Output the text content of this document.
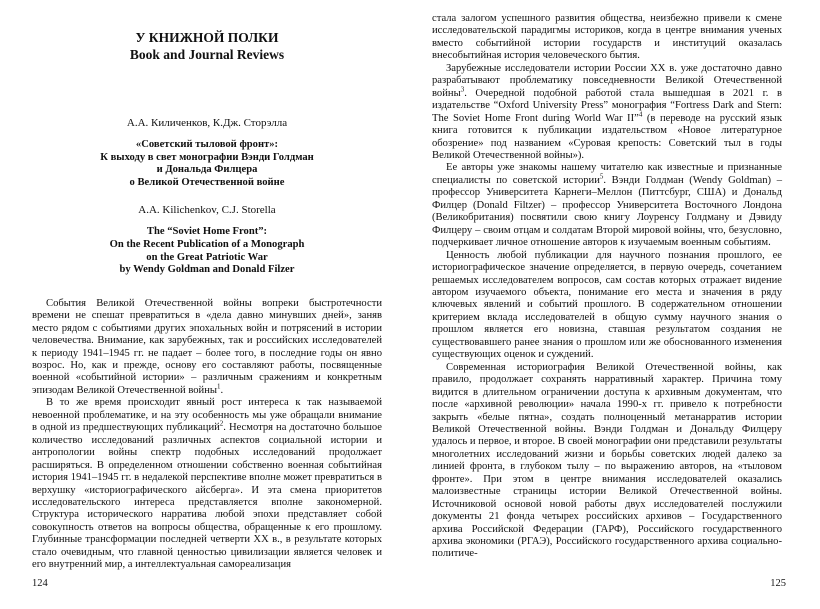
У КНИЖНОЙ ПОЛКИ
Book and Journal Reviews
А.А. Киличенков, К.Дж. Сторэлла
«Советский тыловой фронт»:
К выходу в свет монографии Вэнди Голдман
и Дональда Филцера
о Великой Отечественной войне
A.A. Kilichenkov, C.J. Storella
The “Soviet Home Front”:
On the Recent Publication of a Monograph
on the Great Patriotic War
by Wendy Goldman and Donald Filzer

События Великой Отечественной войны вопреки быстротечности времени не спешат превратиться в «дела давно минувших дней», заняв место рядом с событиями других эпохальных войн и потрясений в истории человечества. Внимание, как зарубежных, так и российских исследователей к периоду 1941–1945 гг. не падает – более того, в последние годы он явно возрос. Но, как и прежде, основу его составляют работы, посвященные военной «событийной истории» – различным сражениям и конкретным эпизодам Великой Отечественной войны$^1$.

В то же время происходит явный рост интереса к так называемой невоенной проблематике, и на эту особенность мы уже обращали внимание в одной из предшествующих публикаций$^2$. Несмотря на достаточно большое количество исследований различных аспектов социальной истории и антропологии войны спектр подобных исследований продолжает расширяться. В определенном отношении собственно военная событийная история 1941–1945 гг. в недалекой перспективе вполне может превратиться в верхушку «историографического айсберга». И эта смена приоритетов исследовательского интереса представляется вполне закономерной. Структура исторического нарратива любой эпохи представляет собой совокупность ответов на вопросы общества, обращенные к его прошлому. Глубинные трансформации последней четверти XX в., в результате которых стало очевидным, что главной ценностью цивилизации является человек и его внутренний мир, а интеллектуальная самореализация

124

стала залогом успешного развития общества, неизбежно привели к смене исследовательской парадигмы историков, когда в центре внимания ученых вместо событийной истории государств и институций оказалась внесобытийная история человеческого бытия.

Зарубежные исследователи истории России XX в. уже достаточно давно разрабатывают проблематику повседневности Великой Отечественной войны$^3$. Очередной подобной работой стала вышедшая в 2021 г. в издательстве “Oxford University Press” монография “Fortress Dark and Stern: The Soviet Home Front during World War II”$^4$ (в переводе на русский язык книга готовится к публикации издательством «Новое литературное обозрение» под названием «Суровая крепость: Советский тыл в годы Великой Отечественной войны»).

Ее авторы уже знакомы нашему читателю как известные и признанные специалисты по советской истории$^5$. Вэнди Голдман (Wendy Goldman) – профессор Университета Карнеги–Меллон (Питтсбург, США) и Дональд Филцер (Donald Filtzer) – профессор Университета Восточного Лондона (Великобритания) посвятили свою книгу Лоуренсу Голдману и Дэвиду Филцеру – своим отцам и солдатам Второй мировой войны, что, безусловно, подчеркивает личное отношение авторов к изучаемым военным событиям.

Ценность любой публикации для научного познания прошлого, ее историографическое значение определяется, в первую очередь, сочетанием решаемых исследователем вопросов, сам состав которых отражает видение автором изучаемого объекта, понимание его места и значения в ряду ключевых явлений и событий прошлого. В содержательном отношении критерием вклада исследователей в общую сумму научного знания о прошлом является его новизна, ставшая результатом создания не существовавшего ранее знания о прошлом или же обоснованного изменения существующих оценок и суждений.

Современная историография Великой Отечественной войны, как правило, продолжает сохранять нарративный характер. Причина тому видится в длительном ограничении доступа к архивным документам, что после «архивной революции» начала 1990-х гг. привело к потребности закрыть «белые пятна», создать полноценный метанарратив истории Великой Отечественной войны. Вэнди Голдман и Дональду Филцеру удалось и первое, и второе. В своей монографии они представили результаты многолетних исследований жизни и борьбы советских людей далеко за линией фронта, в глубоком тылу – по выражению авторов, на «тыловом фронте». При этом в центре внимания исследователей оказались малоизвестные страницы истории Великой Отечественной войны. Источниковой основой новой работы двух исследователей послужили документы 21 фонда четырех российских архивов – Государственного архива Российской Федерации (ГАРФ), Российского государственного архива экономики (РГАЭ), Российского государственного архива социально-политиче-

125
